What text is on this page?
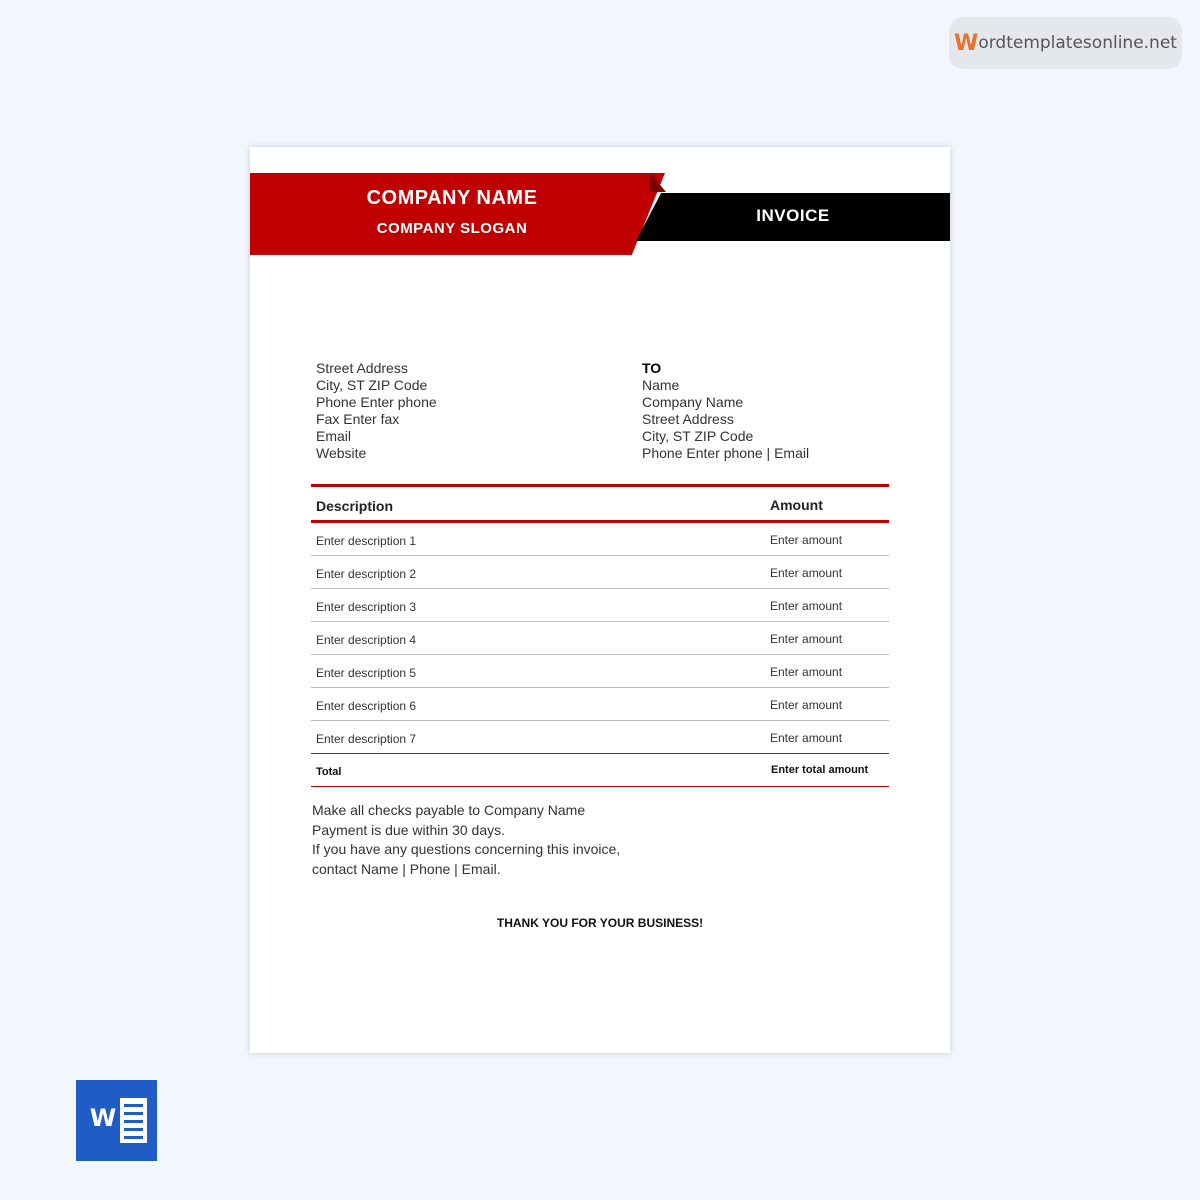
W ordtemplatesonline.net
COMPANY NAME
COMPANY SLOGAN
INVOICE
Street Address
City, ST ZIP Code
Phone Enter phone
Fax Enter fax
Email
Website
TO
Name
Company Name
Street Address
City, ST ZIP Code
Phone Enter phone | Email
Description	Amount
Enter description 1	Enter amount
Enter description 2	Enter amount
Enter description 3	Enter amount
Enter description 4	Enter amount
Enter description 5	Enter amount
Enter description 6	Enter amount
Enter description 7	Enter amount
Total	Enter total amount
Make all checks payable to Company Name
Payment is due within 30 days.
If you have any questions concerning this invoice,
contact Name | Phone | Email.
THANK YOU FOR YOUR BUSINESS!
W
